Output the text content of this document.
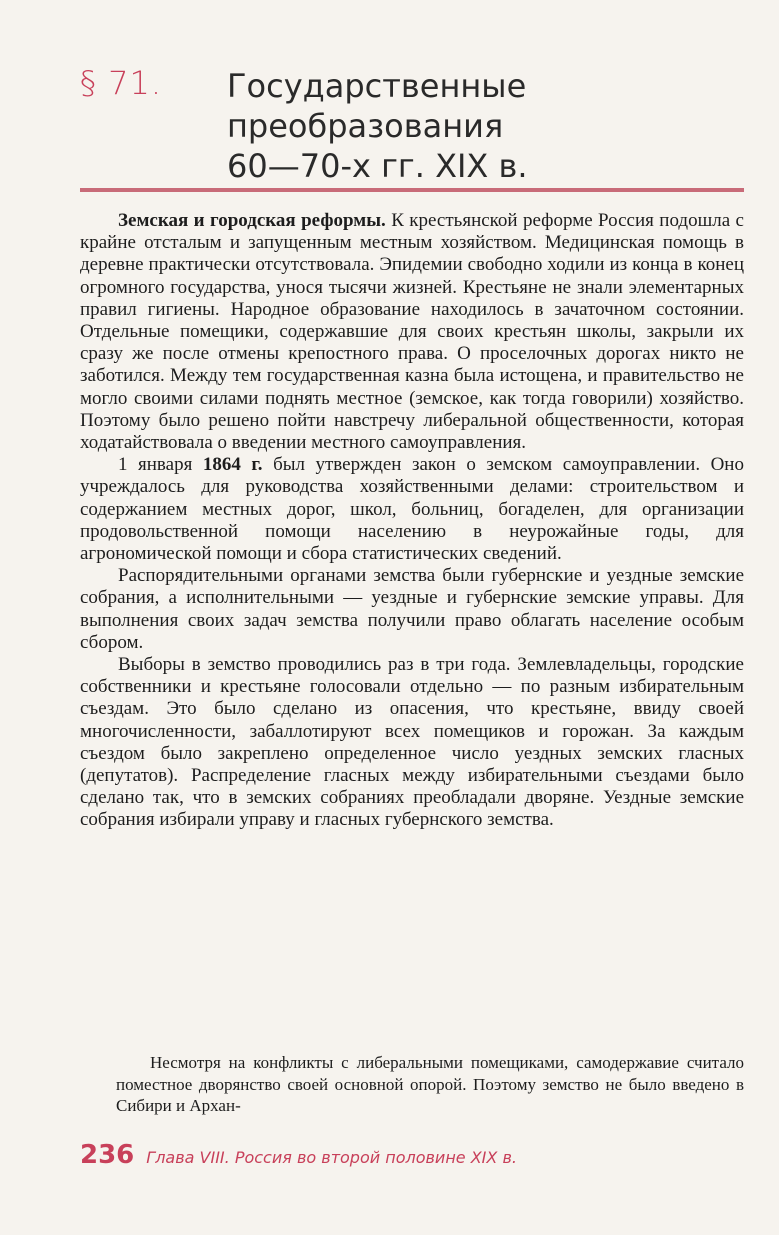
§ 71. Государственные
преобразования
60—70-х гг. XIX в.

Земская и городская реформы. К крестьянской реформе Россия подошла с крайне отсталым и запущенным местным хозяйством. Медицинская помощь в деревне практически отсутствовала. Эпидемии свободно ходили из конца в конец огромного государства, унося тысячи жизней. Крестьяне не знали элементарных правил гигиены. Народное образование находилось в зачаточном состоянии. Отдельные помещики, содержавшие для своих крестьян школы, закрыли их сразу же после отмены крепостного права. О проселочных дорогах никто не заботился. Между тем государственная казна была истощена, и правительство не могло своими силами поднять местное (земское, как тогда говорили) хозяйство. Поэтому было решено пойти навстречу либеральной общественности, которая ходатайствовала о введении местного самоуправления.

1 января 1864 г. был утвержден закон о земском самоуправлении. Оно учреждалось для руководства хозяйственными делами: строительством и содержанием местных дорог, школ, больниц, богаделен, для организации продовольственной помощи населению в неурожайные годы, для агрономической помощи и сбора статистических сведений.

Распорядительными органами земства были губернские и уездные земские собрания, а исполнительными — уездные и губернские земские управы. Для выполнения своих задач земства получили право облагать население особым сбором.

Выборы в земство проводились раз в три года. Землевладельцы, городские собственники и крестьяне голосовали отдельно — по разным избирательным съездам. Это было сделано из опасения, что крестьяне, ввиду своей многочисленности, забаллотируют всех помещиков и горожан. За каждым съездом было закреплено определенное число уездных земских гласных (депутатов). Распределение гласных между избирательными съездами было сделано так, что в земских собраниях преобладали дворяне. Уездные земские собрания избирали управу и гласных губернского земства.

Несмотря на конфликты с либеральными помещиками, самодержавие считало поместное дворянство своей основной опорой. Поэтому земство не было введено в Сибири и Архан-

236 Глава VIII. Россия во второй половине XIX в.
